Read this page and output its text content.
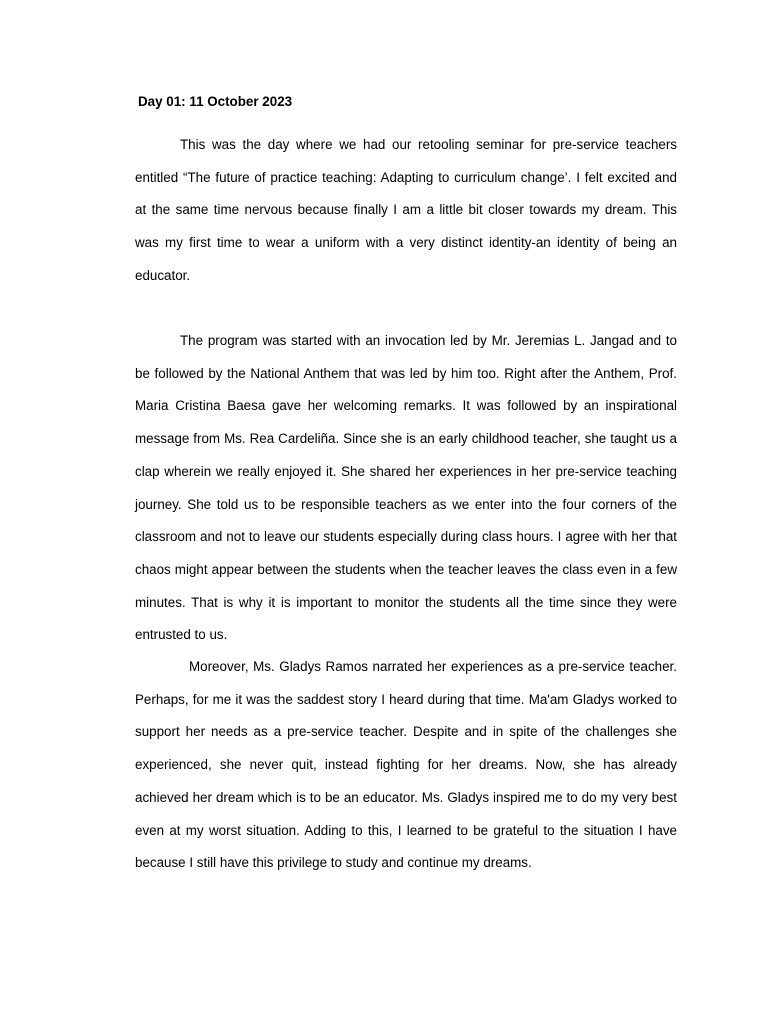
Day 01: 11 October 2023

This was the day where we had our retooling seminar for pre-service teachers entitled “The future of practice teaching: Adapting to curriculum change’. I felt excited and at the same time nervous because finally I am a little bit closer towards my dream. This was my first time to wear a uniform with a very distinct identity-an identity of being an educator.

The program was started with an invocation led by Mr. Jeremias L. Jangad and to be followed by the National Anthem that was led by him too. Right after the Anthem, Prof. Maria Cristina Baesa gave her welcoming remarks. It was followed by an inspirational message from Ms. Rea Cardeliña. Since she is an early childhood teacher, she taught us a clap wherein we really enjoyed it. She shared her experiences in her pre-service teaching journey. She told us to be responsible teachers as we enter into the four corners of the classroom and not to leave our students especially during class hours. I agree with her that chaos might appear between the students when the teacher leaves the class even in a few minutes. That is why it is important to monitor the students all the time since they were entrusted to us.

Moreover, Ms. Gladys Ramos narrated her experiences as a pre-service teacher. Perhaps, for me it was the saddest story I heard during that time. Ma'am Gladys worked to support her needs as a pre-service teacher. Despite and in spite of the challenges she experienced, she never quit, instead fighting for her dreams. Now, she has already achieved her dream which is to be an educator. Ms. Gladys inspired me to do my very best even at my worst situation. Adding to this, I learned to be grateful to the situation I have because I still have this privilege to study and continue my dreams.
